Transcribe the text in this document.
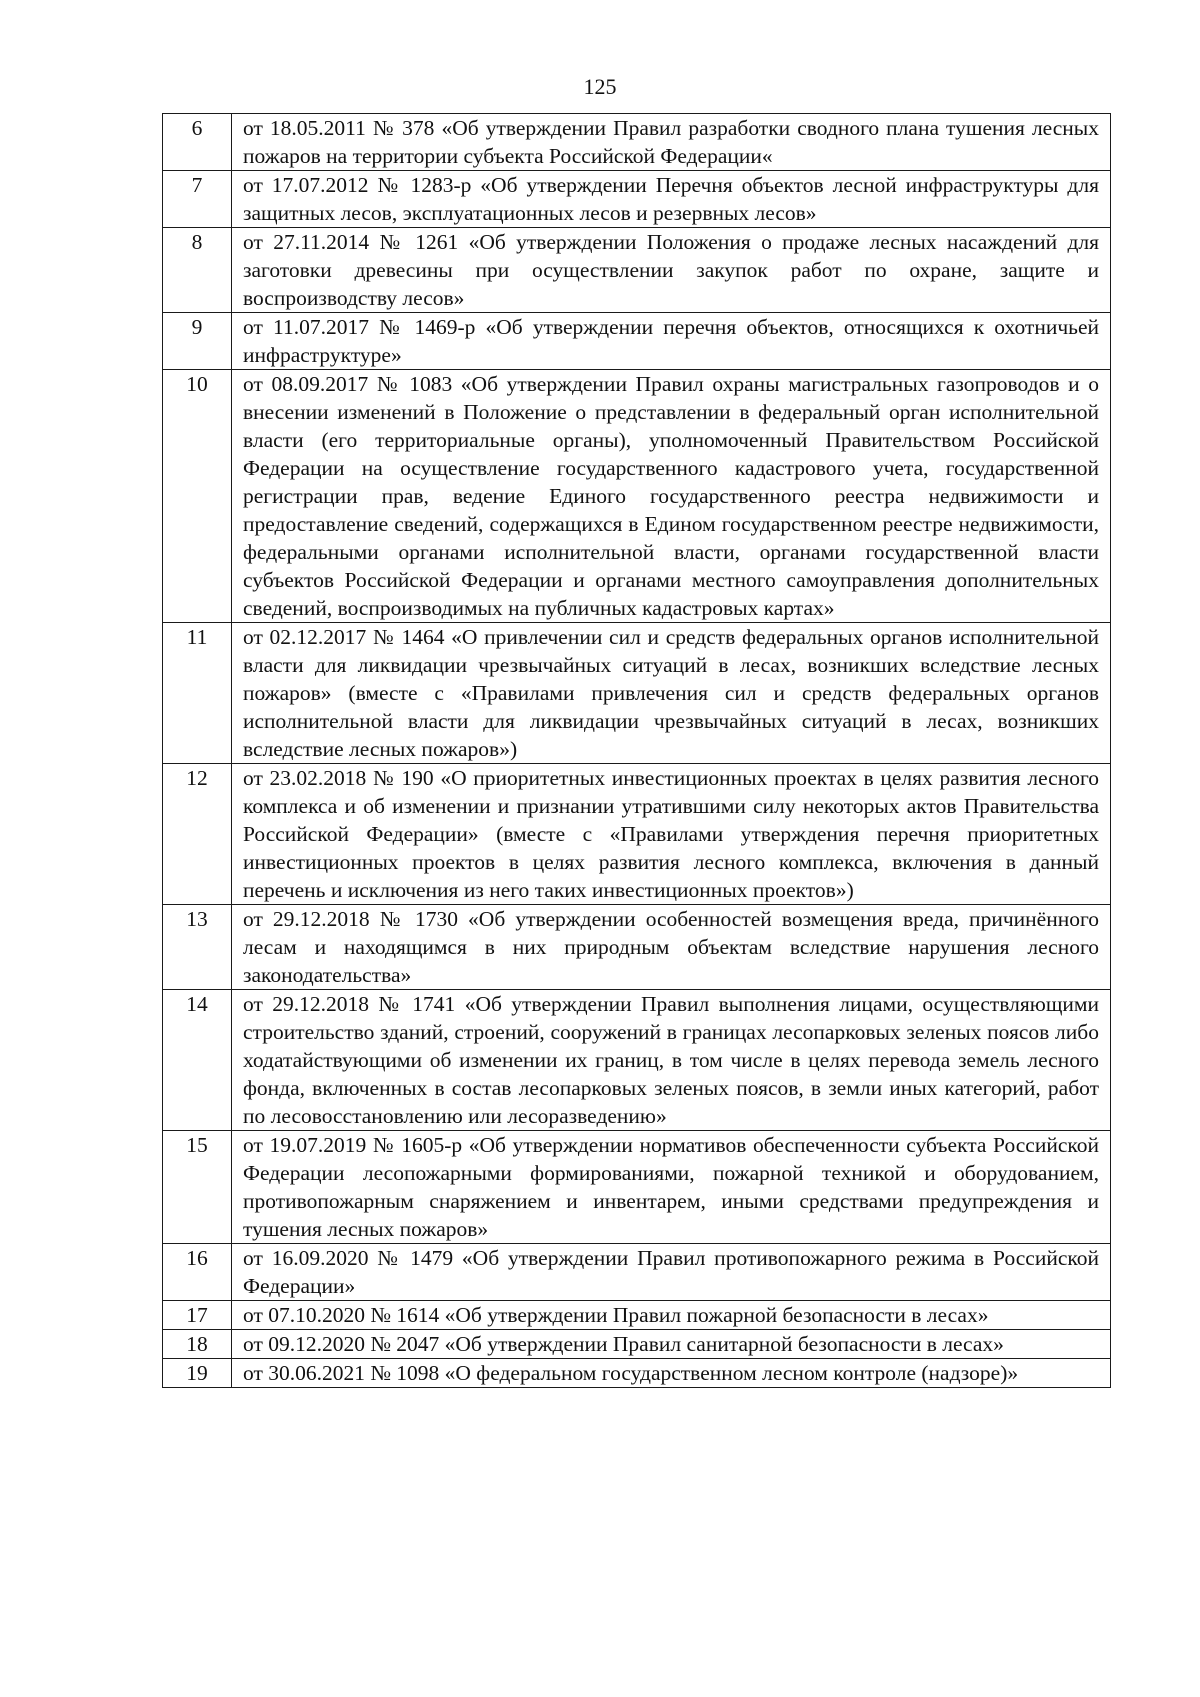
125
6	от 18.05.2011 № 378 «Об утверждении Правил разработки сводного плана тушения лесных пожаров на территории субъекта Российской Федерации«
7	от 17.07.2012 № 1283-р «Об утверждении Перечня объектов лесной инфраструктуры для защитных лесов, эксплуатационных лесов и резервных лесов»
8	от 27.11.2014 № 1261 «Об утверждении Положения о продаже лесных насаждений для заготовки древесины при осуществлении закупок работ по охране, защите и воспроизводству лесов»
9	от 11.07.2017 № 1469-р «Об утверждении перечня объектов, относящихся к охотничьей инфраструктуре»
10	от 08.09.2017 № 1083 «Об утверждении Правил охраны магистральных газопроводов и о внесении изменений в Положение о представлении в федеральный орган исполнительной власти (его территориальные органы), уполномоченный Правительством Российской Федерации на осуществление государственного кадастрового учета, государственной регистрации прав, ведение Единого государственного реестра недвижимости и предоставление сведений, содержащихся в Едином государственном реестре недвижимости, федеральными органами исполнительной власти, органами государственной власти субъектов Российской Федерации и органами местного самоуправления дополнительных сведений, воспроизводимых на публичных кадастровых картах»
11	от 02.12.2017 № 1464 «О привлечении сил и средств федеральных органов исполнительной власти для ликвидации чрезвычайных ситуаций в лесах, возникших вследствие лесных пожаров» (вместе с «Правилами привлечения сил и средств федеральных органов исполнительной власти для ликвидации чрезвычайных ситуаций в лесах, возникших вследствие лесных пожаров»)
12	от 23.02.2018 № 190 «О приоритетных инвестиционных проектах в целях развития лесного комплекса и об изменении и признании утратившими силу некоторых актов Правительства Российской Федерации» (вместе с «Правилами утверждения перечня приоритетных инвестиционных проектов в целях развития лесного комплекса, включения в данный перечень и исключения из него таких инвестиционных проектов»)
13	от 29.12.2018 № 1730 «Об утверждении особенностей возмещения вреда, причинённого лесам и находящимся в них природным объектам вследствие нарушения лесного законодательства»
14	от 29.12.2018 № 1741 «Об утверждении Правил выполнения лицами, осуществляющими строительство зданий, строений, сооружений в границах лесопарковых зеленых поясов либо ходатайствующими об изменении их границ, в том числе в целях перевода земель лесного фонда, включенных в состав лесопарковых зеленых поясов, в земли иных категорий, работ по лесовосстановлению или лесоразведению»
15	от 19.07.2019 № 1605-р «Об утверждении нормативов обеспеченности субъекта Российской Федерации лесопожарными формированиями, пожарной техникой и оборудованием, противопожарным снаряжением и инвентарем, иными средствами предупреждения и тушения лесных пожаров»
16	от 16.09.2020 № 1479 «Об утверждении Правил противопожарного режима в Российской Федерации»
17	от 07.10.2020 № 1614 «Об утверждении Правил пожарной безопасности в лесах»
18	от 09.12.2020 № 2047 «Об утверждении Правил санитарной безопасности в лесах»
19	от 30.06.2021 № 1098 «О федеральном государственном лесном контроле (надзоре)»
